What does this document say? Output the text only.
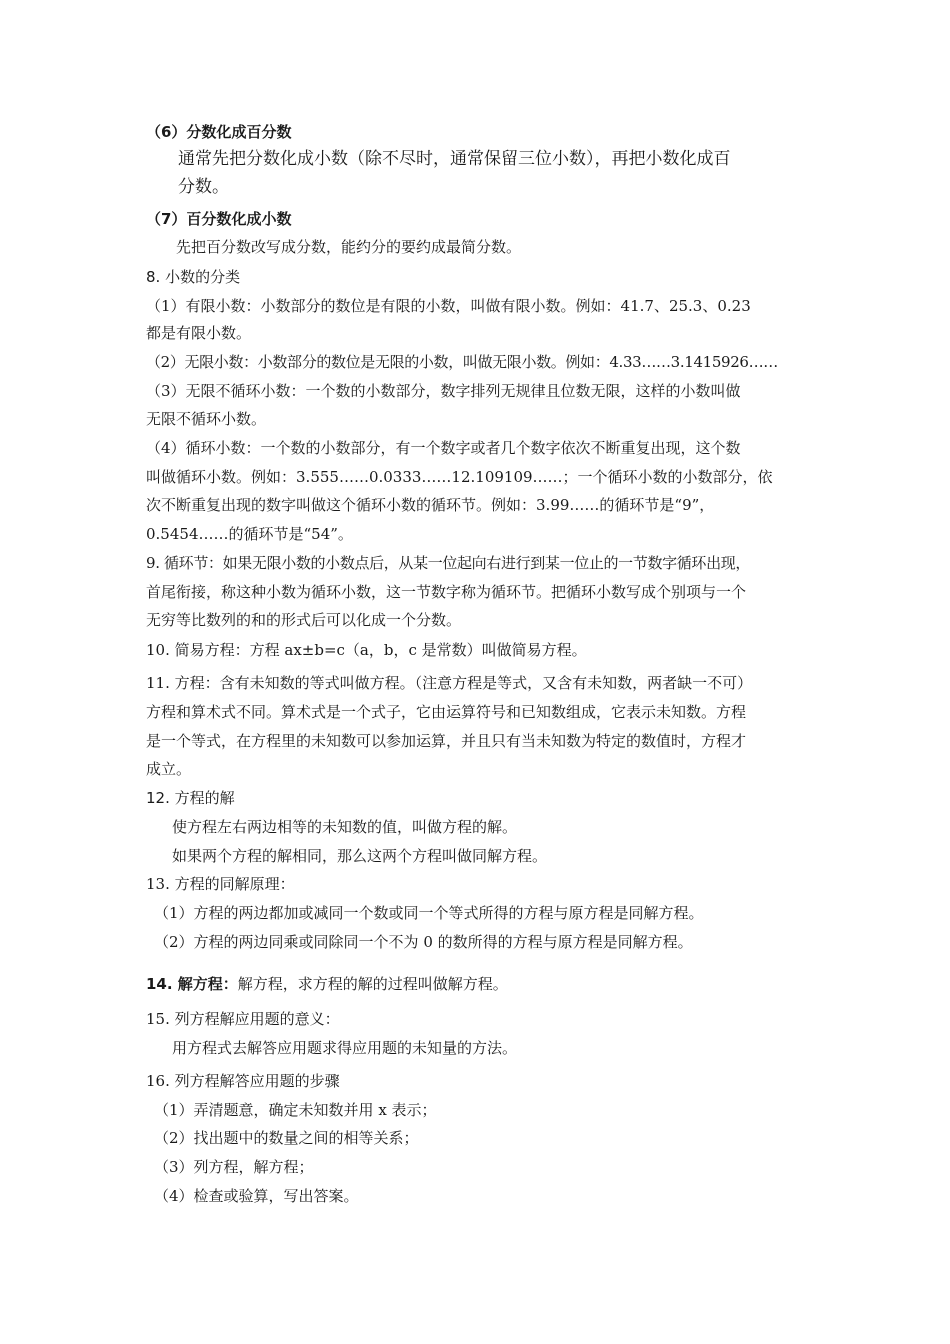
（6）分数化成百分数
通常先把分数化成小数（除不尽时，通常保留三位小数），再把小数化成百
分数。
（7）百分数化成小数
先把百分数改写成分数，能约分的要约成最简分数。
8. 小数的分类
（1）有限小数：小数部分的数位是有限的小数，叫做有限小数。例如：41.7、25.3、0.23
都是有限小数。
（2）无限小数：小数部分的数位是无限的小数，叫做无限小数。例如：4.33……3.1415926……
（3）无限不循环小数：一个数的小数部分，数字排列无规律且位数无限，这样的小数叫做
无限不循环小数。
（4）循环小数：一个数的小数部分，有一个数字或者几个数字依次不断重复出现，这个数
叫做循环小数。例如：3.555……0.0333……12.109109……；一个循环小数的小数部分，依
次不断重复出现的数字叫做这个循环小数的循环节。例如：3.99……的循环节是“9”，
0.5454……的循环节是“54”。
9. 循环节：如果无限小数的小数点后，从某一位起向右进行到某一位止的一节数字循环出现，
首尾衔接，称这种小数为循环小数，这一节数字称为循环节。把循环小数写成个别项与一个
无穷等比数列的和的形式后可以化成一个分数。
10. 简易方程：方程 ax±b=c（a，b，c 是常数）叫做简易方程。
11. 方程：含有未知数的等式叫做方程。（注意方程是等式，又含有未知数，两者缺一不可）
方程和算术式不同。算术式是一个式子，它由运算符号和已知数组成，它表示未知数。方程
是一个等式，在方程里的未知数可以参加运算，并且只有当未知数为特定的数值时，方程才
成立。
12. 方程的解
使方程左右两边相等的未知数的值，叫做方程的解。
如果两个方程的解相同，那么这两个方程叫做同解方程。
13. 方程的同解原理：
（1）方程的两边都加或减同一个数或同一个等式所得的方程与原方程是同解方程。
（2）方程的两边同乘或同除同一个不为 0 的数所得的方程与原方程是同解方程。
14. 解方程：解方程，求方程的解的过程叫做解方程。
15. 列方程解应用题的意义：
用方程式去解答应用题求得应用题的未知量的方法。
16. 列方程解答应用题的步骤
（1）弄清题意，确定未知数并用 x 表示；
（2）找出题中的数量之间的相等关系；
（3）列方程，解方程；
（4）检查或验算，写出答案。
